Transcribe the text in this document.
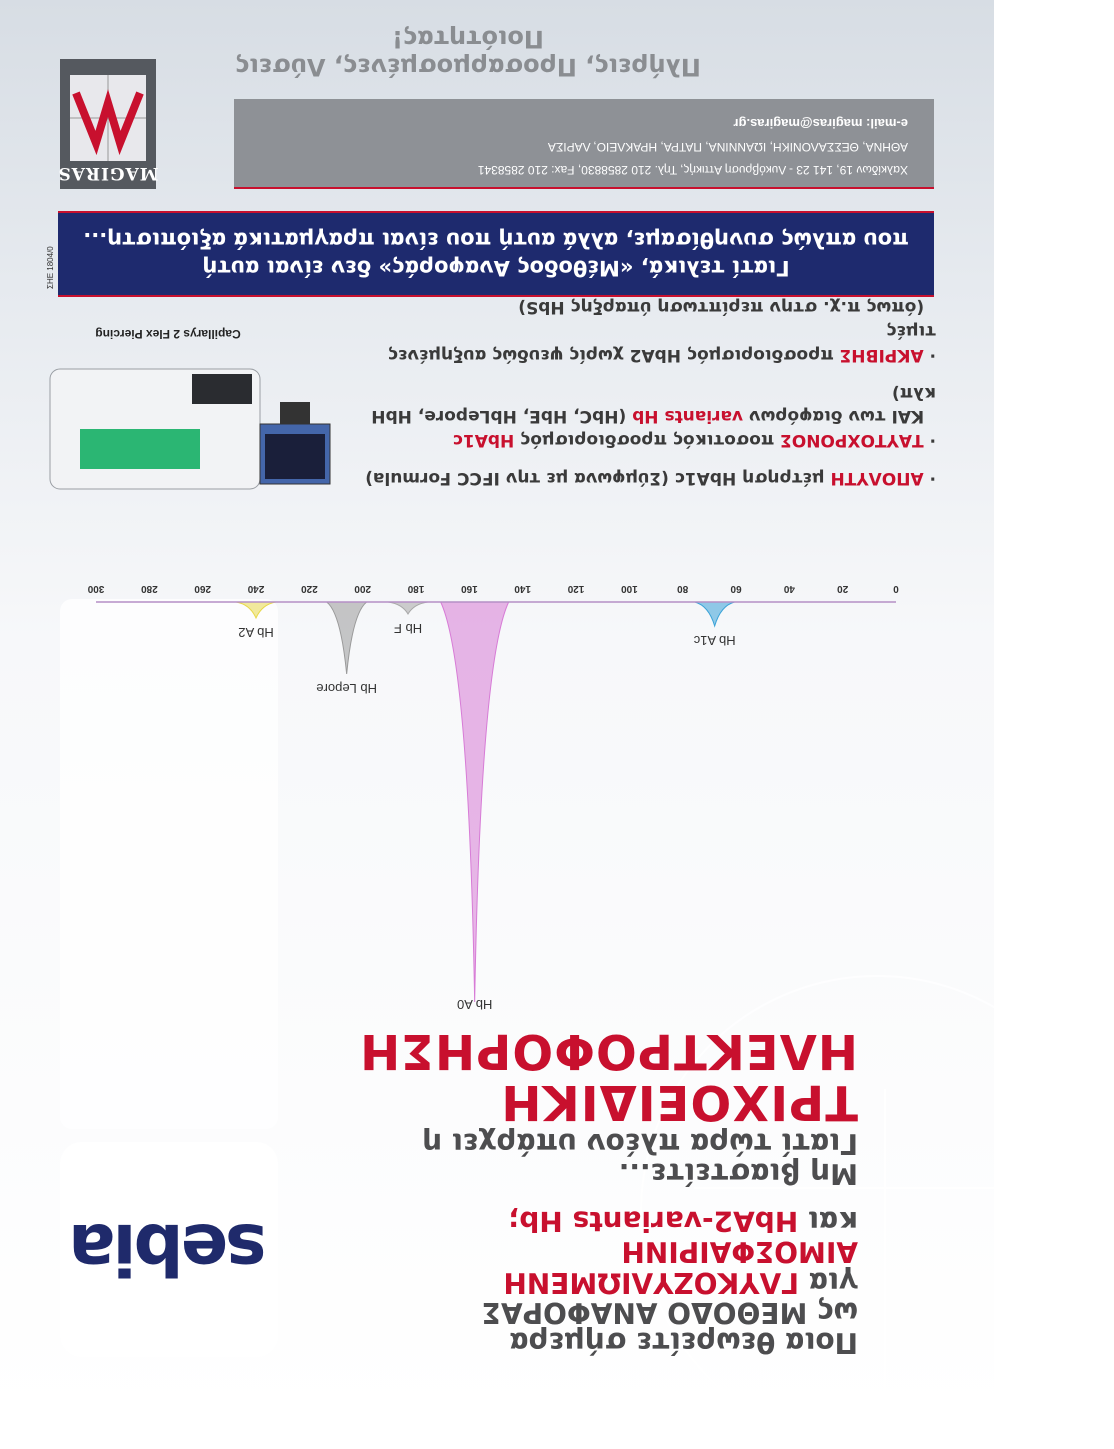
Ποια θεωρείτε σήμερα
ως ΜΕΘΟΔΟ ΑΝΑΦΟΡΑΣ
για ΓΛΥΚΟΖΥΛΙΩΜΕΝΗ ΑΙΜΟΣΦΑΙΡΙΝΗ
και HbA2-variants Hb;
Μη βιαστείτε...
Γιατί τώρα πλέον υπάρχει η
ΤΡΙΧΟΕΙΔΙΚΗ
ΗΛΕΚΤΡΟΦΟΡΗΣΗ
sebia
0
20
40
60
80
100
120
140
160
180
200
220
240
260
280
300
Hb A1c
Hb A0
Hb F
Hb Lepore
Hb A2
· ΑΠΟΛΥΤΗ μέτρηση HbA1c (Σύμφωνα με την IFCC Formula)
· ΤΑΥΤΟΧΡΟΝΟΣ ποσοτικός προσδιορισμός HbA1c
ΚΑΙ των διαφόρων variants Hb (HbC, HbE, HbLepore, HbH κλπ)
· ΑΚΡΙΒΗΣ προσδιορισμός HbA2 χωρίς ψευδώς αυξημένες τιμές
(όπως π.χ. στην περίπτωση ύπαρξης HbS)
Capillarys 2 Flex Piercing
Γιατί τελικά, «Μέθοδος Αναφοράς» δεν είναι αυτή
που απλώς συνηθίσαμε, αλλά αυτή που είναι πραγματικά αξιόπιστη...
ΣΗΕ 1804/0
Χαλκίδων 19, 141 23 - Λυκόβρυση Αττικής, Τηλ. 210 2858830, Fax: 210 2858341
ΑΘΗΝΑ, ΘΕΣΣΑΛΟΝΙΚΗ, ΙΩΑΝΝΙΝΑ, ΠΑΤΡΑ, ΗΡΑΚΛΕΙΟ, ΛΑΡΙΣΑ
e-mail: magiras@magiras.gr
MAGIRAS
Πλήρεις, Προσαρμοσμένες, Λύσεις Ποιότητας!
